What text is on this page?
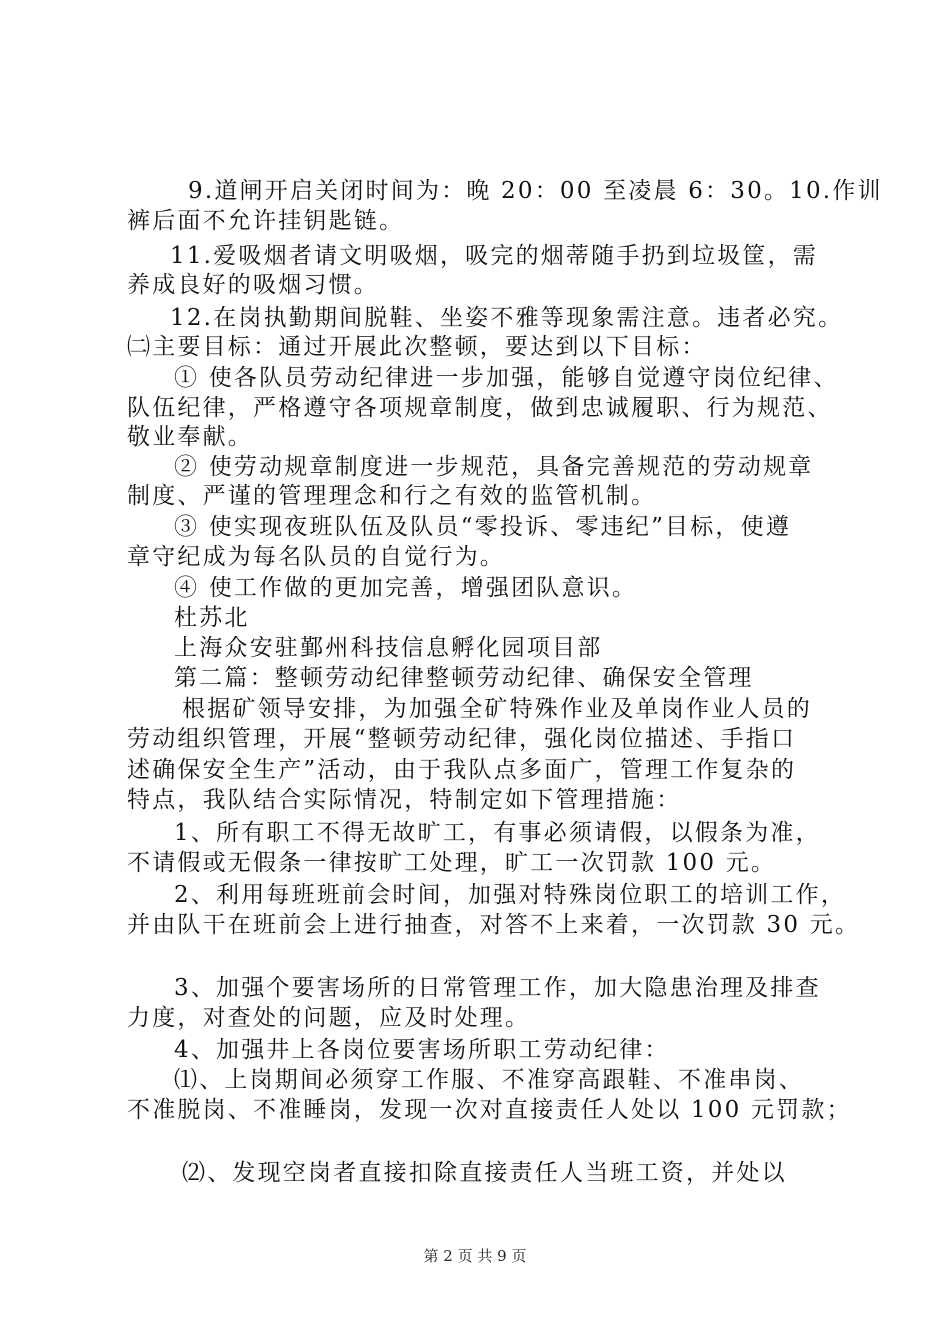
9.道闸开启关闭时间为：晚 20：00 至凌晨 6：30。10.作训
裤后面不允许挂钥匙链。
11.爱吸烟者请文明吸烟，吸完的烟蒂随手扔到垃圾筐，需
养成良好的吸烟习惯。
12.在岗执勤期间脱鞋、坐姿不雅等现象需注意。违者必究。
㈡主要目标：通过开展此次整顿，要达到以下目标：
① 使各队员劳动纪律进一步加强，能够自觉遵守岗位纪律、
队伍纪律，严格遵守各项规章制度，做到忠诚履职、行为规范、
敬业奉献。
② 使劳动规章制度进一步规范，具备完善规范的劳动规章
制度、严谨的管理理念和行之有效的监管机制。
③ 使实现夜班队伍及队员“零投诉、零违纪”目标，使遵
章守纪成为每名队员的自觉行为。
④ 使工作做的更加完善，增强团队意识。
杜苏北
上海众安驻鄞州科技信息孵化园项目部
第二篇：整顿劳动纪律整顿劳动纪律、确保安全管理
根据矿领导安排，为加强全矿特殊作业及单岗作业人员的
劳动组织管理，开展“整顿劳动纪律，强化岗位描述、手指口
述确保安全生产”活动，由于我队点多面广，管理工作复杂的
特点，我队结合实际情况，特制定如下管理措施：
1、所有职工不得无故旷工，有事必须请假，以假条为准，
不请假或无假条一律按旷工处理，旷工一次罚款 100 元。
2、利用每班班前会时间，加强对特殊岗位职工的培训工作，
并由队干在班前会上进行抽查，对答不上来着，一次罚款 30 元。
3、加强个要害场所的日常管理工作，加大隐患治理及排查
力度，对查处的问题，应及时处理。
4、加强井上各岗位要害场所职工劳动纪律：
⑴、上岗期间必须穿工作服、不准穿高跟鞋、不准串岗、
不准脱岗、不准睡岗，发现一次对直接责任人处以 100 元罚款；
⑵、发现空岗者直接扣除直接责任人当班工资，并处以
第 2 页 共 9 页
